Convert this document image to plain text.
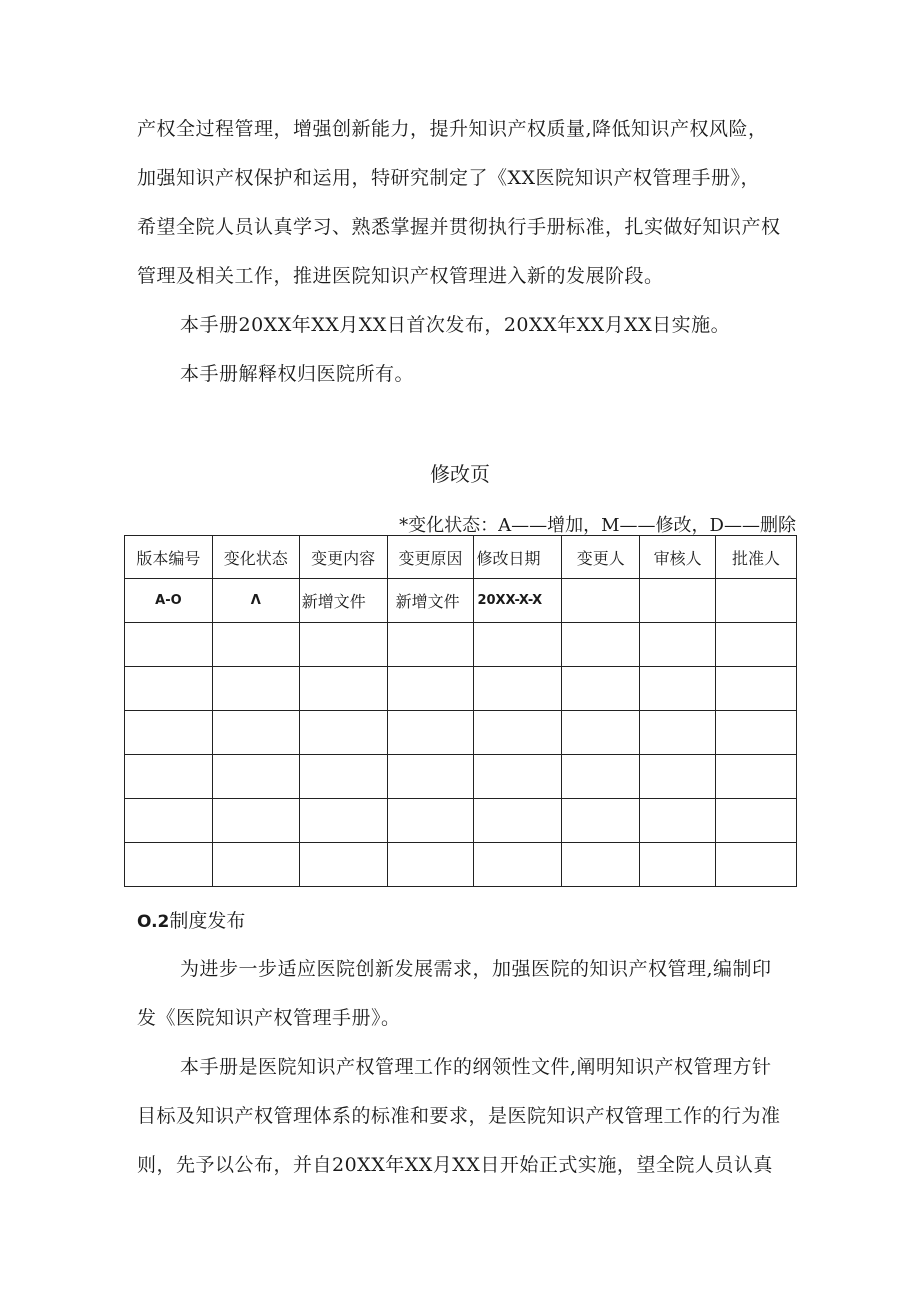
产权全过程管理，增强创新能力，提升知识产权质量,降低知识产权风险，
加强知识产权保护和运用，特研究制定了《XX医院知识产权管理手册》，
希望全院人员认真学习、熟悉掌握并贯彻执行手册标准，扎实做好知识产权
管理及相关工作，推进医院知识产权管理进入新的发展阶段。
本手册20XX年XX月XX日首次发布，20XX年XX月XX日实施。
本手册解释权归医院所有。
修改页
*变化状态：A——增加，M——修改，D——删除
版本编号	变化状态	变更内容	变更原因	修改日期	变更人	审核人	批准人
A-O	Λ	新增文件	新增文件	20XX-X-X			

O.2制度发布
为进步一步适应医院创新发展需求，加强医院的知识产权管理,编制印
发《医院知识产权管理手册》。
本手册是医院知识产权管理工作的纲领性文件,阐明知识产权管理方针
目标及知识产权管理体系的标准和要求，是医院知识产权管理工作的行为准
则，先予以公布，并自20XX年XX月XX日开始正式实施，望全院人员认真
